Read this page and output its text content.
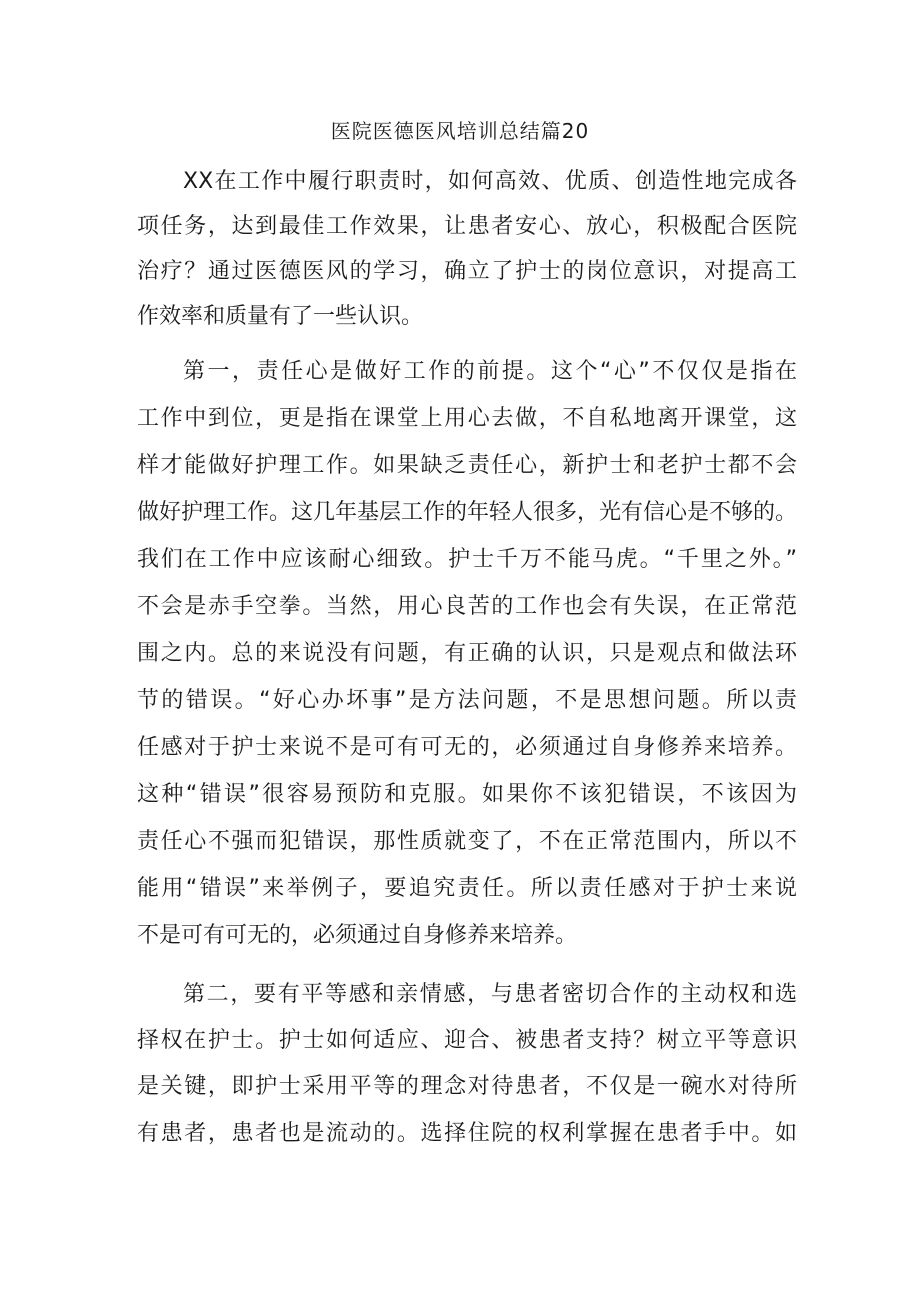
医院医德医风培训总结篇20

XX在工作中履行职责时，如何高效、优质、创造性地完成各

项任务，达到最佳工作效果，让患者安心、放心，积极配合医院

治疗？通过医德医风的学习，确立了护士的岗位意识，对提高工

作效率和质量有了一些认识。

第一，责任心是做好工作的前提。这个“心”不仅仅是指在

工作中到位，更是指在课堂上用心去做，不自私地离开课堂，这

样才能做好护理工作。如果缺乏责任心，新护士和老护士都不会

做好护理工作。这几年基层工作的年轻人很多，光有信心是不够的。

我们在工作中应该耐心细致。护士千万不能马虎。“千里之外。”

不会是赤手空拳。当然，用心良苦的工作也会有失误，在正常范

围之内。总的来说没有问题，有正确的认识，只是观点和做法环

节的错误。“好心办坏事”是方法问题，不是思想问题。所以责

任感对于护士来说不是可有可无的，必须通过自身修养来培养。

这种“错误”很容易预防和克服。如果你不该犯错误，不该因为

责任心不强而犯错误，那性质就变了，不在正常范围内，所以不

能用“错误”来举例子，要追究责任。所以责任感对于护士来说

不是可有可无的，必须通过自身修养来培养。

第二，要有平等感和亲情感，与患者密切合作的主动权和选

择权在护士。护士如何适应、迎合、被患者支持？树立平等意识

是关键，即护士采用平等的理念对待患者，不仅是一碗水对待所

有患者，患者也是流动的。选择住院的权利掌握在患者手中。如
